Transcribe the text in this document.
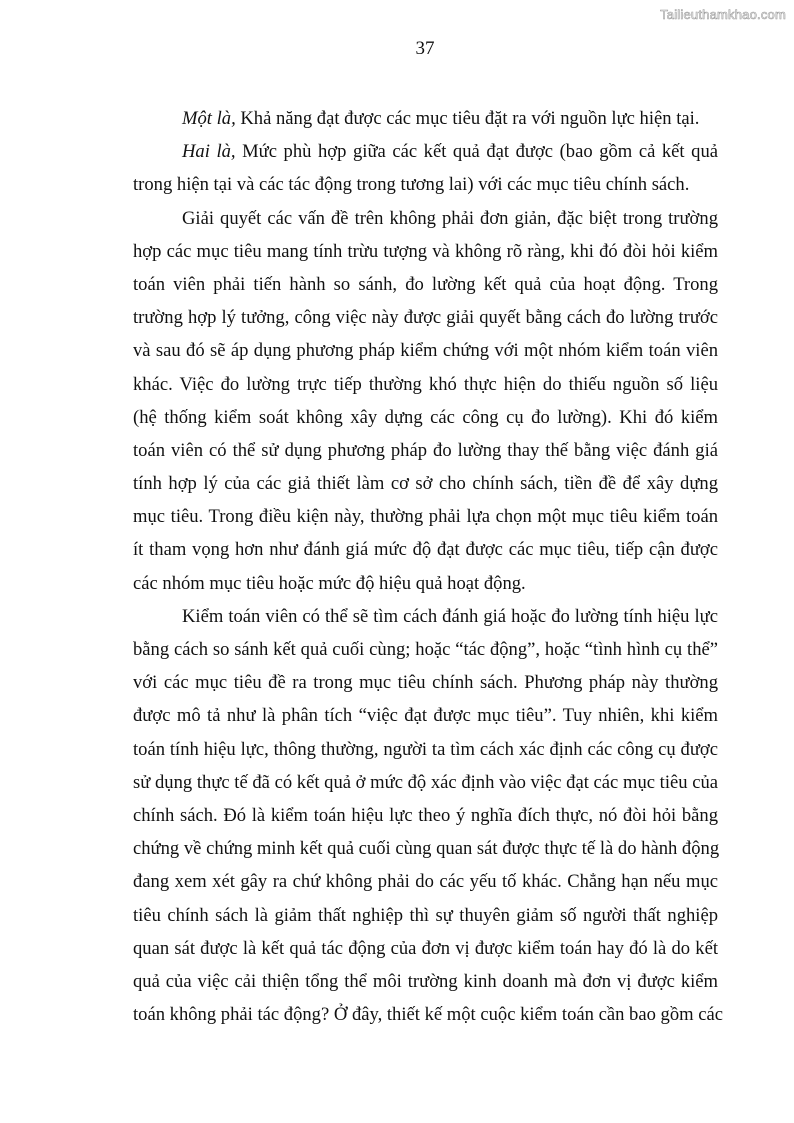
Tailieuthamkhao.com
37
Một là, Khả năng đạt được các mục tiêu đặt ra với nguồn lực hiện tại.
Hai là, Mức phù hợp giữa các kết quả đạt được (bao gồm cả kết quả
trong hiện tại và các tác động trong tương lai) với các mục tiêu chính sách.
Giải quyết các vấn đề trên không phải đơn giản, đặc biệt trong trường
hợp các mục tiêu mang tính trừu tượng và không rõ ràng, khi đó đòi hỏi kiểm
toán viên phải tiến hành so sánh, đo lường kết quả của hoạt động. Trong
trường hợp lý tưởng, công việc này được giải quyết bằng cách đo lường trước
và sau đó sẽ áp dụng phương pháp kiểm chứng với một nhóm kiểm toán viên
khác. Việc đo lường trực tiếp thường khó thực hiện do thiếu nguồn số liệu
(hệ thống kiểm soát không xây dựng các công cụ đo lường). Khi đó kiểm
toán viên có thể sử dụng phương pháp đo lường thay thế bằng việc đánh giá
tính hợp lý của các giả thiết làm cơ sở cho chính sách, tiền đề để xây dựng
mục tiêu. Trong điều kiện này, thường phải lựa chọn một mục tiêu kiểm toán
ít tham vọng hơn như đánh giá mức độ đạt được các mục tiêu, tiếp cận được
các nhóm mục tiêu hoặc mức độ hiệu quả hoạt động.
Kiểm toán viên có thể sẽ tìm cách đánh giá hoặc đo lường tính hiệu lực
bằng cách so sánh kết quả cuối cùng; hoặc “tác động”, hoặc “tình hình cụ thể”
với các mục tiêu đề ra trong mục tiêu chính sách. Phương pháp này thường
được mô tả như là phân tích “việc đạt được mục tiêu”. Tuy nhiên, khi kiểm
toán tính hiệu lực, thông thường, người ta tìm cách xác định các công cụ được
sử dụng thực tế đã có kết quả ở mức độ xác định vào việc đạt các mục tiêu của
chính sách. Đó là kiểm toán hiệu lực theo ý nghĩa đích thực, nó đòi hỏi bằng
chứng về chứng minh kết quả cuối cùng quan sát được thực tế là do hành động
đang xem xét gây ra chứ không phải do các yếu tố khác. Chẳng hạn nếu mục
tiêu chính sách là giảm thất nghiệp thì sự thuyên giảm số người thất nghiệp
quan sát được là kết quả tác động của đơn vị được kiểm toán hay đó là do kết
quả của việc cải thiện tổng thể môi trường kinh doanh mà đơn vị được kiểm
toán không phải tác động? Ở đây, thiết kế một cuộc kiểm toán cần bao gồm các
